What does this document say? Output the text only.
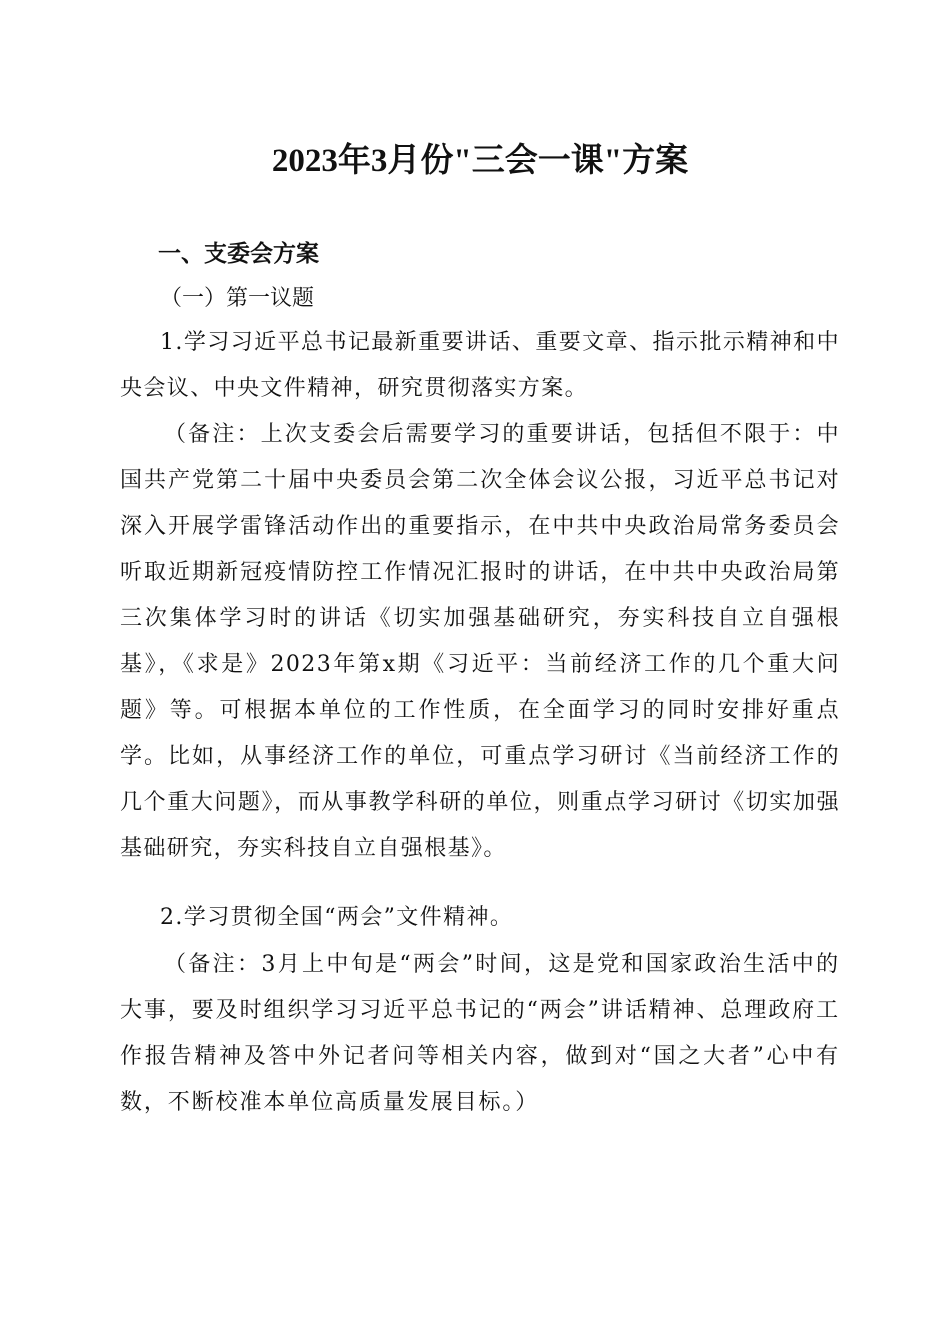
2023年3月份"三会一课"方案
一、支委会方案
（一）第一议题

1.学习习近平总书记最新重要讲话、重要文章、指示批示精神和中央会议、中央文件精神，研究贯彻落实方案。

（备注：上次支委会后需要学习的重要讲话，包括但不限于：中国共产党第二十届中央委员会第二次全体会议公报，习近平总书记对深入开展学雷锋活动作出的重要指示，在中共中央政治局常务委员会听取近期新冠疫情防控工作情况汇报时的讲话，在中共中央政治局第三次集体学习时的讲话《切实加强基础研究，夯实科技自立自强根基》，《求是》2023年第x期《习近平：当前经济工作的几个重大问题》等。可根据本单位的工作性质，在全面学习的同时安排好重点学。比如，从事经济工作的单位，可重点学习研讨《当前经济工作的几个重大问题》，而从事教学科研的单位，则重点学习研讨《切实加强基础研究，夯实科技自立自强根基》。

2.学习贯彻全国“两会”文件精神。

（备注：3月上中旬是“两会”时间，这是党和国家政治生活中的大事，要及时组织学习习近平总书记的“两会”讲话精神、总理政府工作报告精神及答中外记者问等相关内容，做到对“国之大者”心中有数，不断校准本单位高质量发展目标。）
